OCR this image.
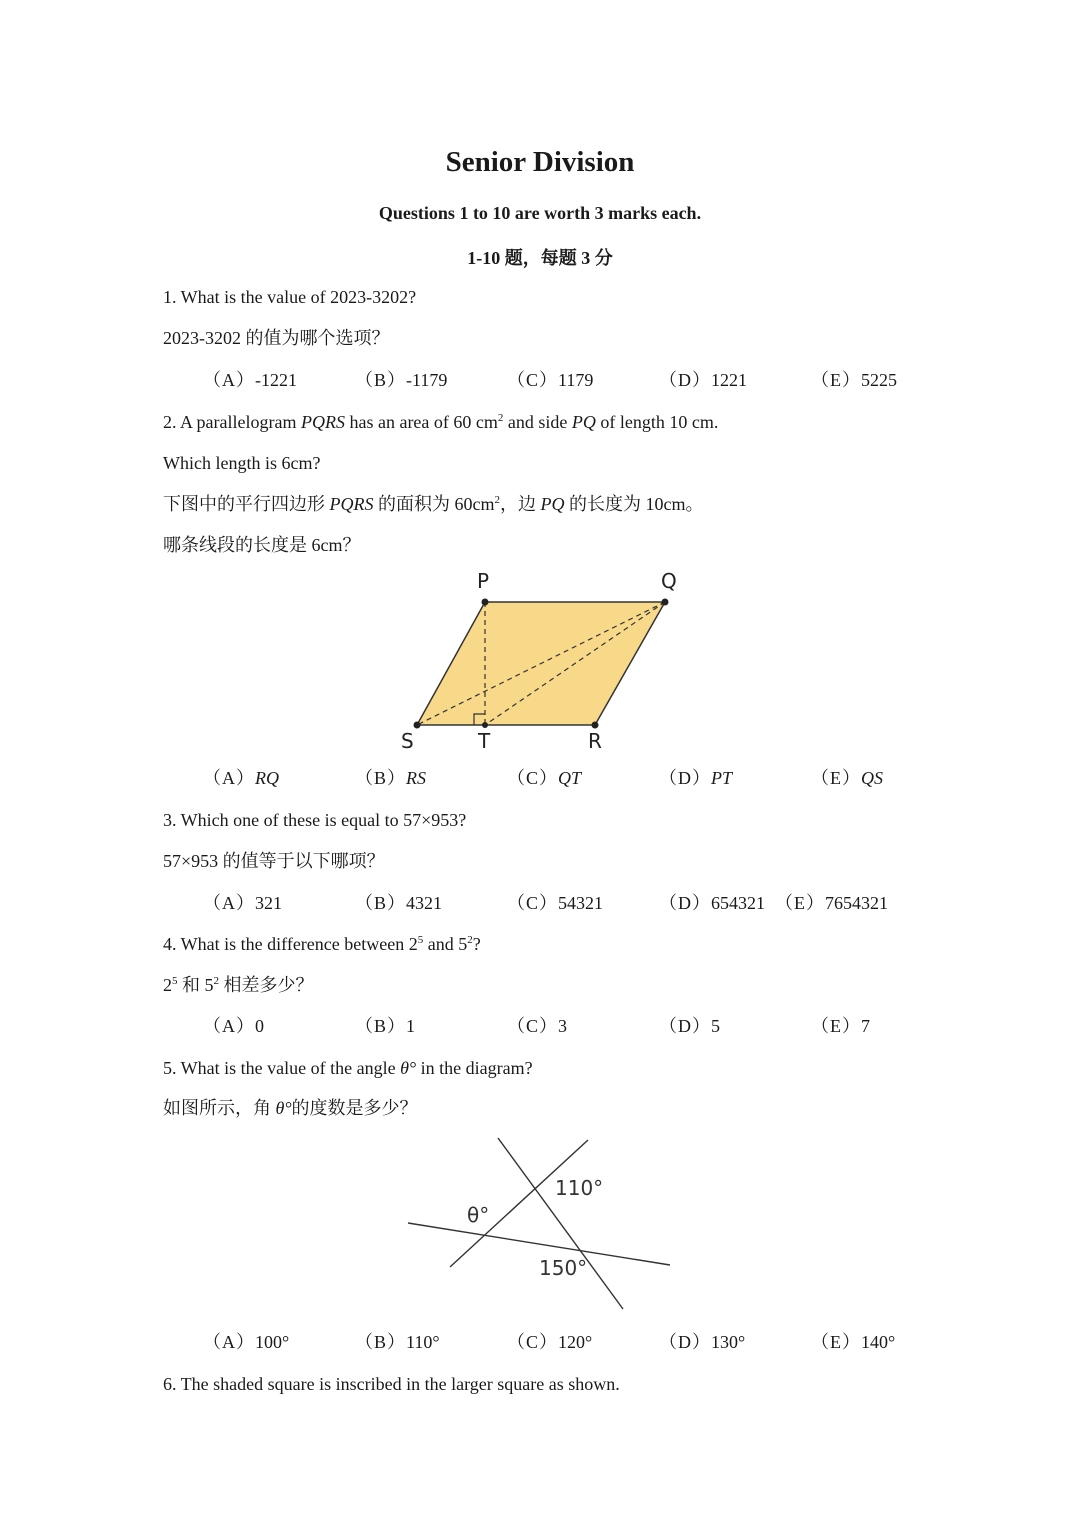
Senior Division
Questions 1 to 10 are worth 3 marks each.
1-10 题，每题 3 分
1. What is the value of 2023-3202?
2023-3202 的值为哪个选项？
（A）-1221	（B）-1179	（C）1179	（D）1221	（E）5225
2. A parallelogram PQRS has an area of 60 $cm^2$ and side PQ of length 10 cm.
Which length is 6cm?
下图中的平行四边形 PQRS 的面积为 $60cm^2$，边 PQ 的长度为 10cm。
哪条线段的长度是 6cm？
P	Q
R
S	T
（A）RQ	（B）RS	（C）QT	（D）PT	（E）QS
3. Which one of these is equal to 57×953?
57×953 的值等于以下哪项？
（A）321	（B）4321	（C）54321	（D）654321 （E）7654321
4. What is the difference between $2^5$ and $5^2$?
$2^5$ 和 $5^2$ 相差多少？
（A）0	（B）1	（C）3	（D）5	（E）7
5. What is the value of the angle θ° in the diagram?
如图所示，角 θ°的度数是多少？
θ°
110°
150°
（A）100°	（B）110°	（C）120°	（D）130°	（E）140°
6. The shaded square is inscribed in the larger square as shown.
